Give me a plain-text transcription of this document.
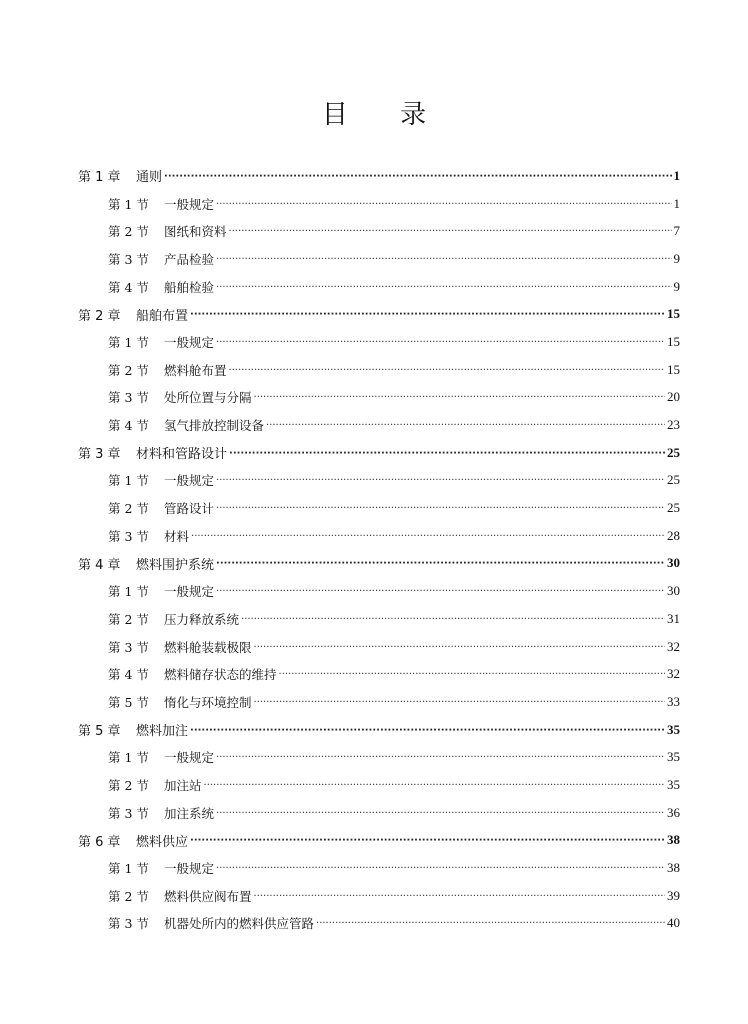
目 录
第 1 章	通则 ·····	1
第 1 节	一般规定 ·····	1
第 2 节	图纸和资料 ·····	7
第 3 节	产品检验 ·····	9
第 4 节	船舶检验 ·····	9
第 2 章	船舶布置 ·····	15
第 1 节	一般规定 ·····	15
第 2 节	燃料舱布置 ·····	15
第 3 节	处所位置与分隔 ·····	20
第 4 节	氢气排放控制设备 ·····	23
第 3 章	材料和管路设计 ·····	25
第 1 节	一般规定 ·····	25
第 2 节	管路设计 ·····	25
第 3 节	材料 ·····	28
第 4 章	燃料围护系统 ·····	30
第 1 节	一般规定 ·····	30
第 2 节	压力释放系统 ·····	31
第 3 节	燃料舱装载极限 ·····	32
第 4 节	燃料储存状态的维持 ·····	32
第 5 节	惰化与环境控制 ·····	33
第 5 章	燃料加注 ·····	35
第 1 节	一般规定 ·····	35
第 2 节	加注站 ·····	35
第 3 节	加注系统 ·····	36
第 6 章	燃料供应 ·····	38
第 1 节	一般规定 ·····	38
第 2 节	燃料供应阀布置 ·····	39
第 3 节	机器处所内的燃料供应管路 ·····	40
